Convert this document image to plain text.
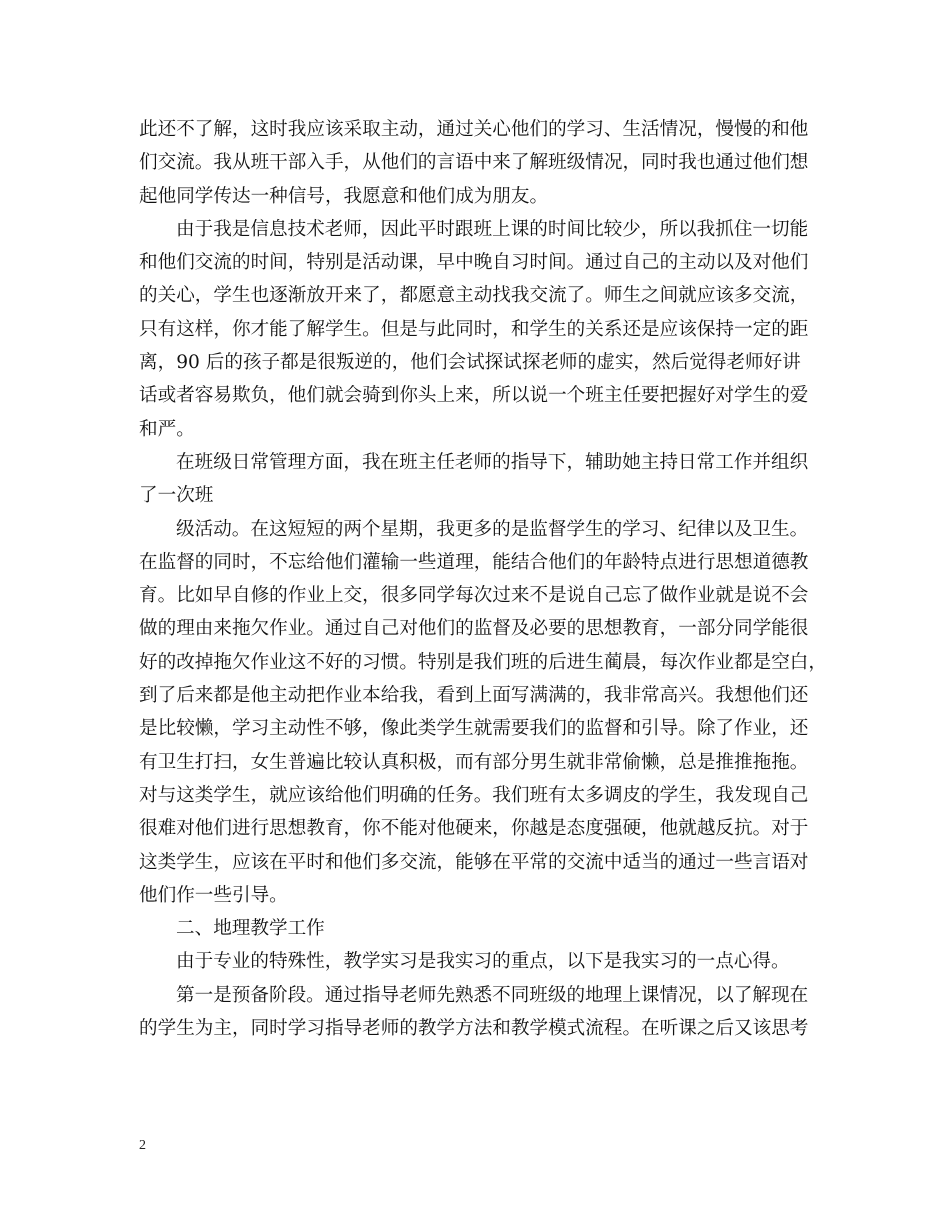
此还不了解，这时我应该采取主动，通过关心他们的学习、生活情况，慢慢的和他
们交流。我从班干部入手，从他们的言语中来了解班级情况，同时我也通过他们想
起他同学传达一种信号，我愿意和他们成为朋友。
由于我是信息技术老师，因此平时跟班上课的时间比较少，所以我抓住一切能
和他们交流的时间，特别是活动课，早中晚自习时间。通过自己的主动以及对他们
的关心，学生也逐渐放开来了，都愿意主动找我交流了。师生之间就应该多交流，
只有这样，你才能了解学生。但是与此同时，和学生的关系还是应该保持一定的距
离，90 后的孩子都是很叛逆的，他们会试探试探老师的虚实，然后觉得老师好讲
话或者容易欺负，他们就会骑到你头上来，所以说一个班主任要把握好对学生的爱
和严。
在班级日常管理方面，我在班主任老师的指导下，辅助她主持日常工作并组织
了一次班
级活动。在这短短的两个星期，我更多的是监督学生的学习、纪律以及卫生。
在监督的同时，不忘给他们灌输一些道理，能结合他们的年龄特点进行思想道德教
育。比如早自修的作业上交，很多同学每次过来不是说自己忘了做作业就是说不会
做的理由来拖欠作业。通过自己对他们的监督及必要的思想教育，一部分同学能很
好的改掉拖欠作业这不好的习惯。特别是我们班的后进生蔺晨，每次作业都是空白，
到了后来都是他主动把作业本给我，看到上面写满满的，我非常高兴。我想他们还
是比较懒，学习主动性不够，像此类学生就需要我们的监督和引导。除了作业，还
有卫生打扫，女生普遍比较认真积极，而有部分男生就非常偷懒，总是推推拖拖。
对与这类学生，就应该给他们明确的任务。我们班有太多调皮的学生，我发现自己
很难对他们进行思想教育，你不能对他硬来，你越是态度强硬，他就越反抗。对于
这类学生，应该在平时和他们多交流，能够在平常的交流中适当的通过一些言语对
他们作一些引导。
二、地理教学工作
由于专业的特殊性，教学实习是我实习的重点，以下是我实习的一点心得。
第一是预备阶段。通过指导老师先熟悉不同班级的地理上课情况，以了解现在
的学生为主，同时学习指导老师的教学方法和教学模式流程。在听课之后又该思考
2
